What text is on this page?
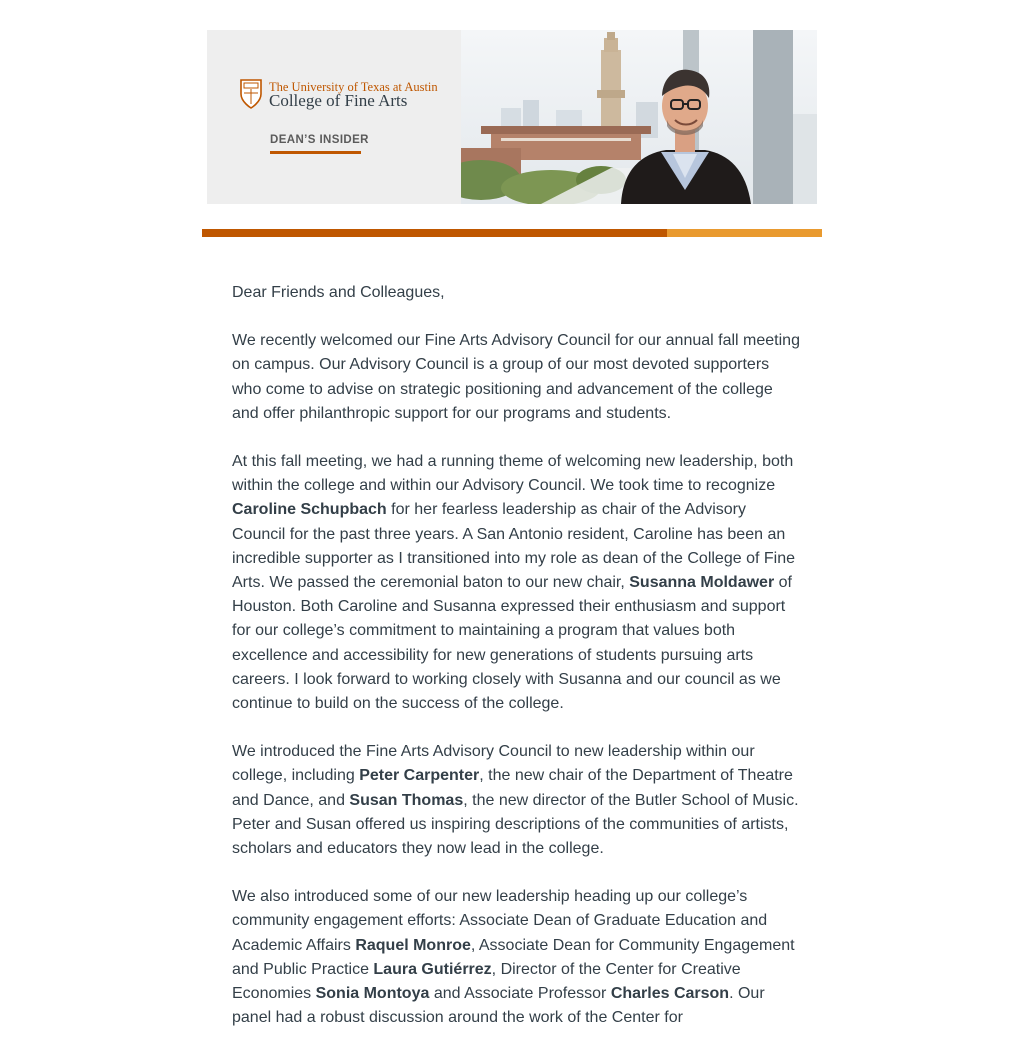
The University of Texas at Austin
College of Fine Arts
DEAN’S INSIDER

Dear Friends and Colleagues,

We recently welcomed our Fine Arts Advisory Council for our annual fall meeting on campus. Our Advisory Council is a group of our most devoted supporters who come to advise on strategic positioning and advancement of the college and offer philanthropic support for our programs and students.

At this fall meeting, we had a running theme of welcoming new leadership, both within the college and within our Advisory Council. We took time to recognize Caroline Schupbach for her fearless leadership as chair of the Advisory Council for the past three years. A San Antonio resident, Caroline has been an incredible supporter as I transitioned into my role as dean of the College of Fine Arts. We passed the ceremonial baton to our new chair, Susanna Moldawer of Houston. Both Caroline and Susanna expressed their enthusiasm and support for our college’s commitment to maintaining a program that values both excellence and accessibility for new generations of students pursuing arts careers. I look forward to working closely with Susanna and our council as we continue to build on the success of the college.

We introduced the Fine Arts Advisory Council to new leadership within our college, including Peter Carpenter, the new chair of the Department of Theatre and Dance, and Susan Thomas, the new director of the Butler School of Music. Peter and Susan offered us inspiring descriptions of the communities of artists, scholars and educators they now lead in the college.

We also introduced some of our new leadership heading up our college’s community engagement efforts: Associate Dean of Graduate Education and Academic Affairs Raquel Monroe, Associate Dean for Community Engagement and Public Practice Laura Gutiérrez, Director of the Center for Creative Economies Sonia Montoya and Associate Professor Charles Carson. Our panel had a robust discussion around the work of the Center for
